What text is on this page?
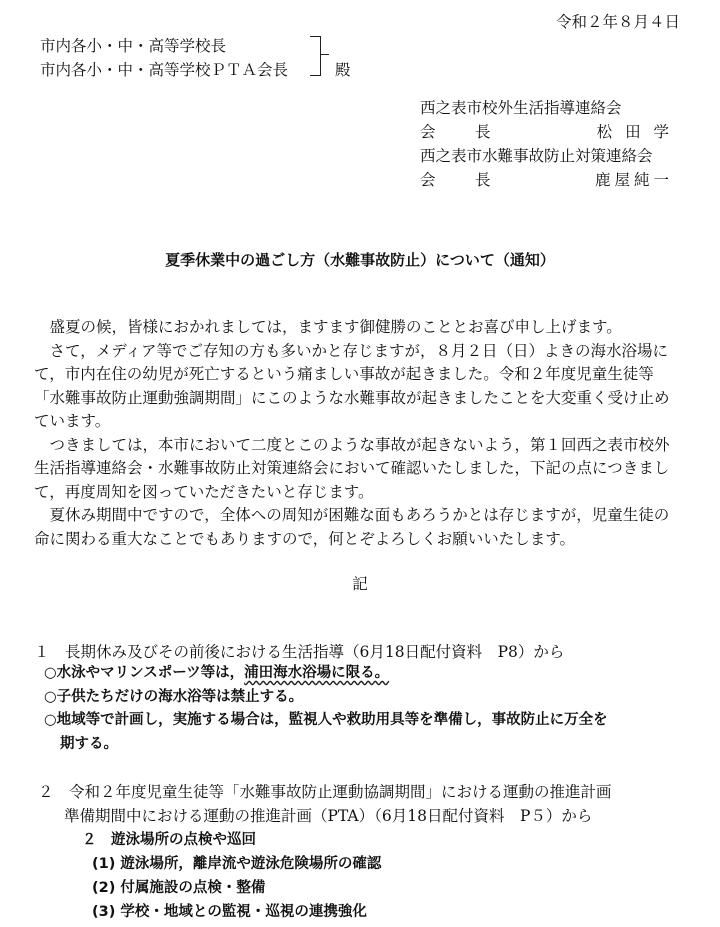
令和２年８月４日
市内各小・中・高等学校長
市内各小・中・高等学校ＰＴＡ会長	殿
西之表市校外生活指導連絡会
会　長	松 田 学
西之表市水難事故防止対策連絡会
会　長	鹿屋純一
夏季休業中の過ごし方（水難事故防止）について（通知）

盛夏の候，皆様におかれましては，ますます御健勝のこととお喜び申し上げます。

さて，メディア等でご存知の方も多いかと存じますが，８月２日（日）よきの海水浴場にて，市内在住の幼児が死亡するという痛ましい事故が起きました。令和２年度児童生徒等「水難事故防止運動強調期間」にこのような水難事故が起きましたことを大変重く受け止めています。

つきましては，本市において二度とこのような事故が起きないよう，第１回西之表市校外生活指導連絡会・水難事故防止対策連絡会において確認いたしました，下記の点につきまして，再度周知を図っていただきたいと存じます。

夏休み期間中ですので，全体への周知が困難な面もあろうかとは存じますが，児童生徒の命に関わる重大なことでもありますので，何とぞよろしくお願いいたします。

記
１　長期休み及びその前後における生活指導（6月18日配付資料　P8）から
○水泳やマリンスポーツ等は，浦田海水浴場に限る。
○子供たちだけの海水浴等は禁止する。
○地域等で計画し，実施する場合は，監視人や救助用具等を準備し，事故防止に万全を
期する。
２　令和２年度児童生徒等「水難事故防止運動協調期間」における運動の推進計画
準備期間中における運動の推進計画（PTA）（6月18日配付資料　P５）から
２　遊泳場所の点検や巡回
(1) 遊泳場所，離岸流や遊泳危険場所の確認
(2) 付属施設の点検・整備
(3) 学校・地域との監視・巡視の連携強化
